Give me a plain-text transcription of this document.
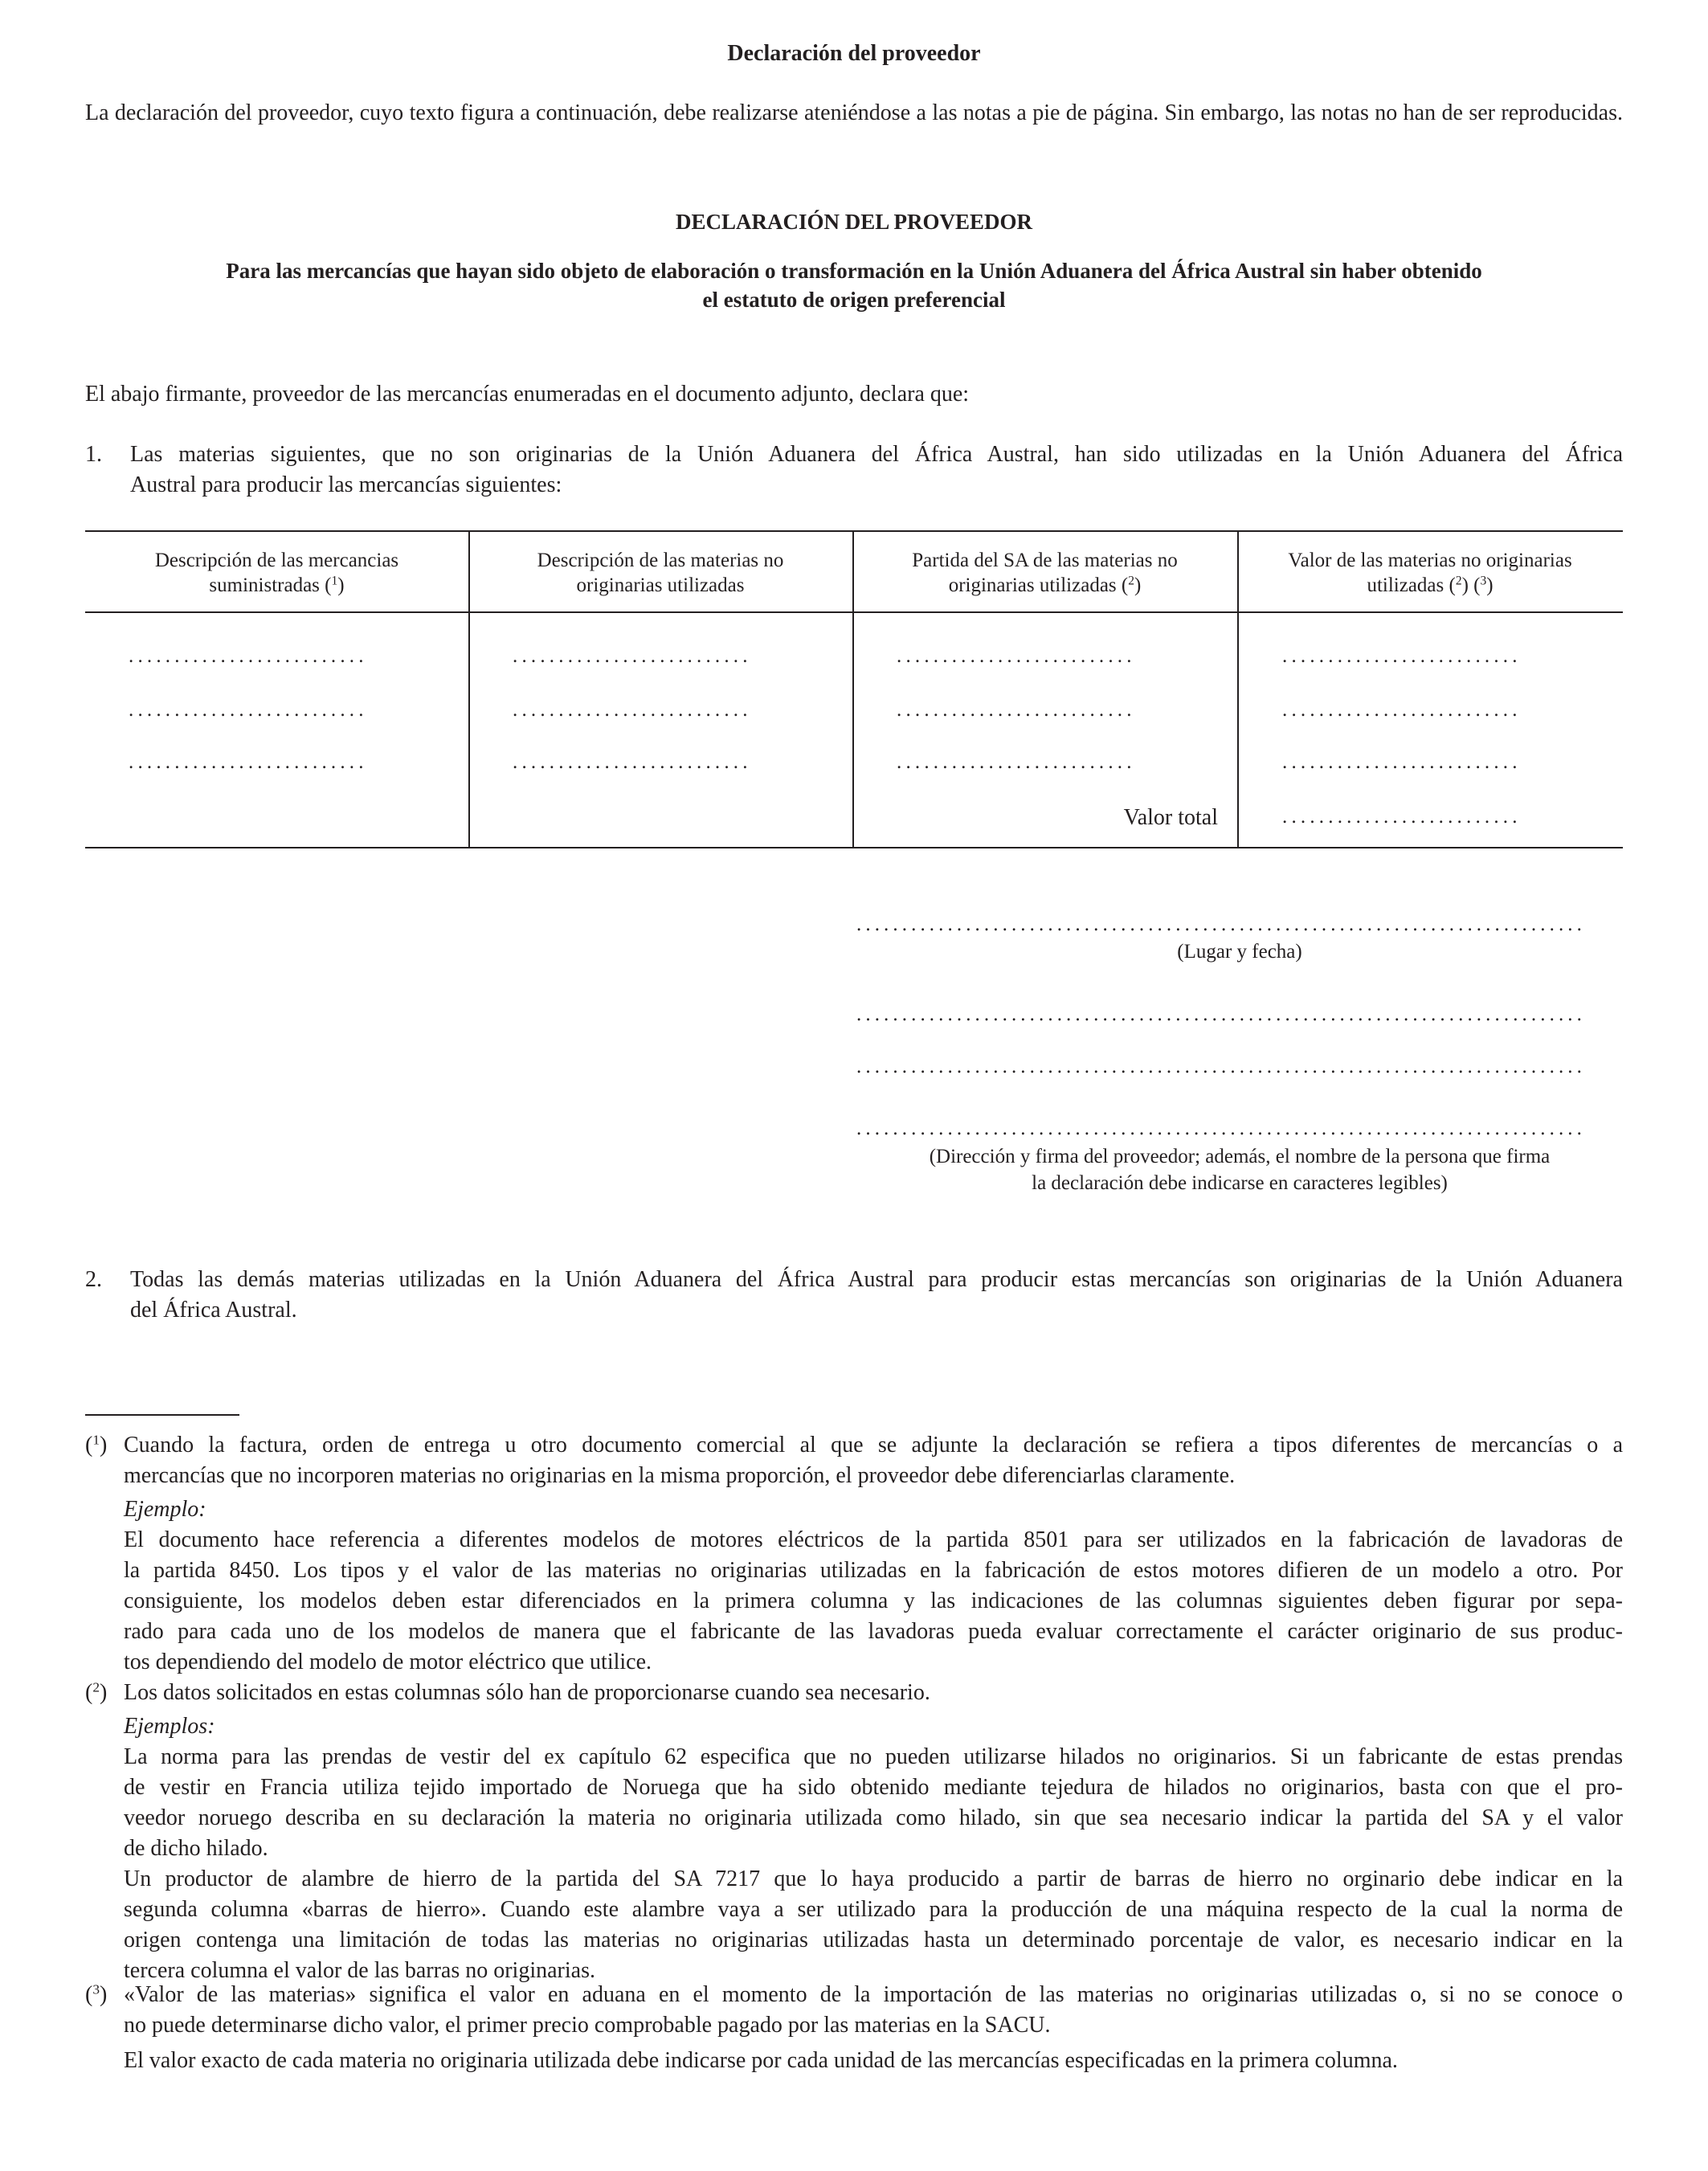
Declaración del proveedor
La declaración del proveedor, cuyo texto figura a continuación, debe realizarse ateniéndose a las notas a pie de página. Sin embargo, las notas no han de ser reproducidas.
DECLARACIÓN DEL PROVEEDOR
Para las mercancías que hayan sido objeto de elaboración o transformación en la Unión Aduanera del África Austral sin haber obtenido
el estatuto de origen preferencial
El abajo firmante, proveedor de las mercancías enumeradas en el documento adjunto, declara que:
1. Las materias siguientes, que no son originarias de la Unión Aduanera del África Austral, han sido utilizadas en la Unión Aduanera del África
Austral para producir las mercancías siguientes:
Descripción de las mercancias
suministradas ($^1$)
Descripción de las materias no
originarias utilizadas
Partida del SA de las materias no
originarias utilizadas ($^2$)
Valor de las materias no originarias
utilizadas ($^2$) ($^3$)
..........................
..........................
..........................
..........................
..........................
..........................
..........................
..........................
..........................
..........................
..........................
..........................
..........................
Valor total
................................................................................
(Lugar y fecha)
................................................................................
................................................................................
................................................................................
(Dirección y firma del proveedor; además, el nombre de la persona que firma
la declaración debe indicarse en caracteres legibles)
2. Todas las demás materias utilizadas en la Unión Aduanera del África Austral para producir estas mercancías son originarias de la Unión Aduanera
del África Austral.
($^1$) Cuando la factura, orden de entrega u otro documento comercial al que se adjunte la declaración se refiera a tipos diferentes de mercancías o a
mercancías que no incorporen materias no originarias en la misma proporción, el proveedor debe diferenciarlas claramente.
Ejemplo:
El documento hace referencia a diferentes modelos de motores eléctricos de la partida 8501 para ser utilizados en la fabricación de lavadoras de
la partida 8450. Los tipos y el valor de las materias no originarias utilizadas en la fabricación de estos motores difieren de un modelo a otro. Por
consiguiente, los modelos deben estar diferenciados en la primera columna y las indicaciones de las columnas siguientes deben figurar por sepa-
rado para cada uno de los modelos de manera que el fabricante de las lavadoras pueda evaluar correctamente el carácter originario de sus produc-
tos dependiendo del modelo de motor eléctrico que utilice.
($^2$) Los datos solicitados en estas columnas sólo han de proporcionarse cuando sea necesario.
Ejemplos:
La norma para las prendas de vestir del ex capítulo 62 especifica que no pueden utilizarse hilados no originarios. Si un fabricante de estas prendas
de vestir en Francia utiliza tejido importado de Noruega que ha sido obtenido mediante tejedura de hilados no originarios, basta con que el pro-
veedor noruego describa en su declaración la materia no originaria utilizada como hilado, sin que sea necesario indicar la partida del SA y el valor
de dicho hilado.
Un productor de alambre de hierro de la partida del SA 7217 que lo haya producido a partir de barras de hierro no orginario debe indicar en la
segunda columna «barras de hierro». Cuando este alambre vaya a ser utilizado para la producción de una máquina respecto de la cual la norma de
origen contenga una limitación de todas las materias no originarias utilizadas hasta un determinado porcentaje de valor, es necesario indicar en la
tercera columna el valor de las barras no originarias.
($^3$) «Valor de las materias» significa el valor en aduana en el momento de la importación de las materias no originarias utilizadas o, si no se conoce o
no puede determinarse dicho valor, el primer precio comprobable pagado por las materias en la SACU.
El valor exacto de cada materia no originaria utilizada debe indicarse por cada unidad de las mercancías especificadas en la primera columna.
